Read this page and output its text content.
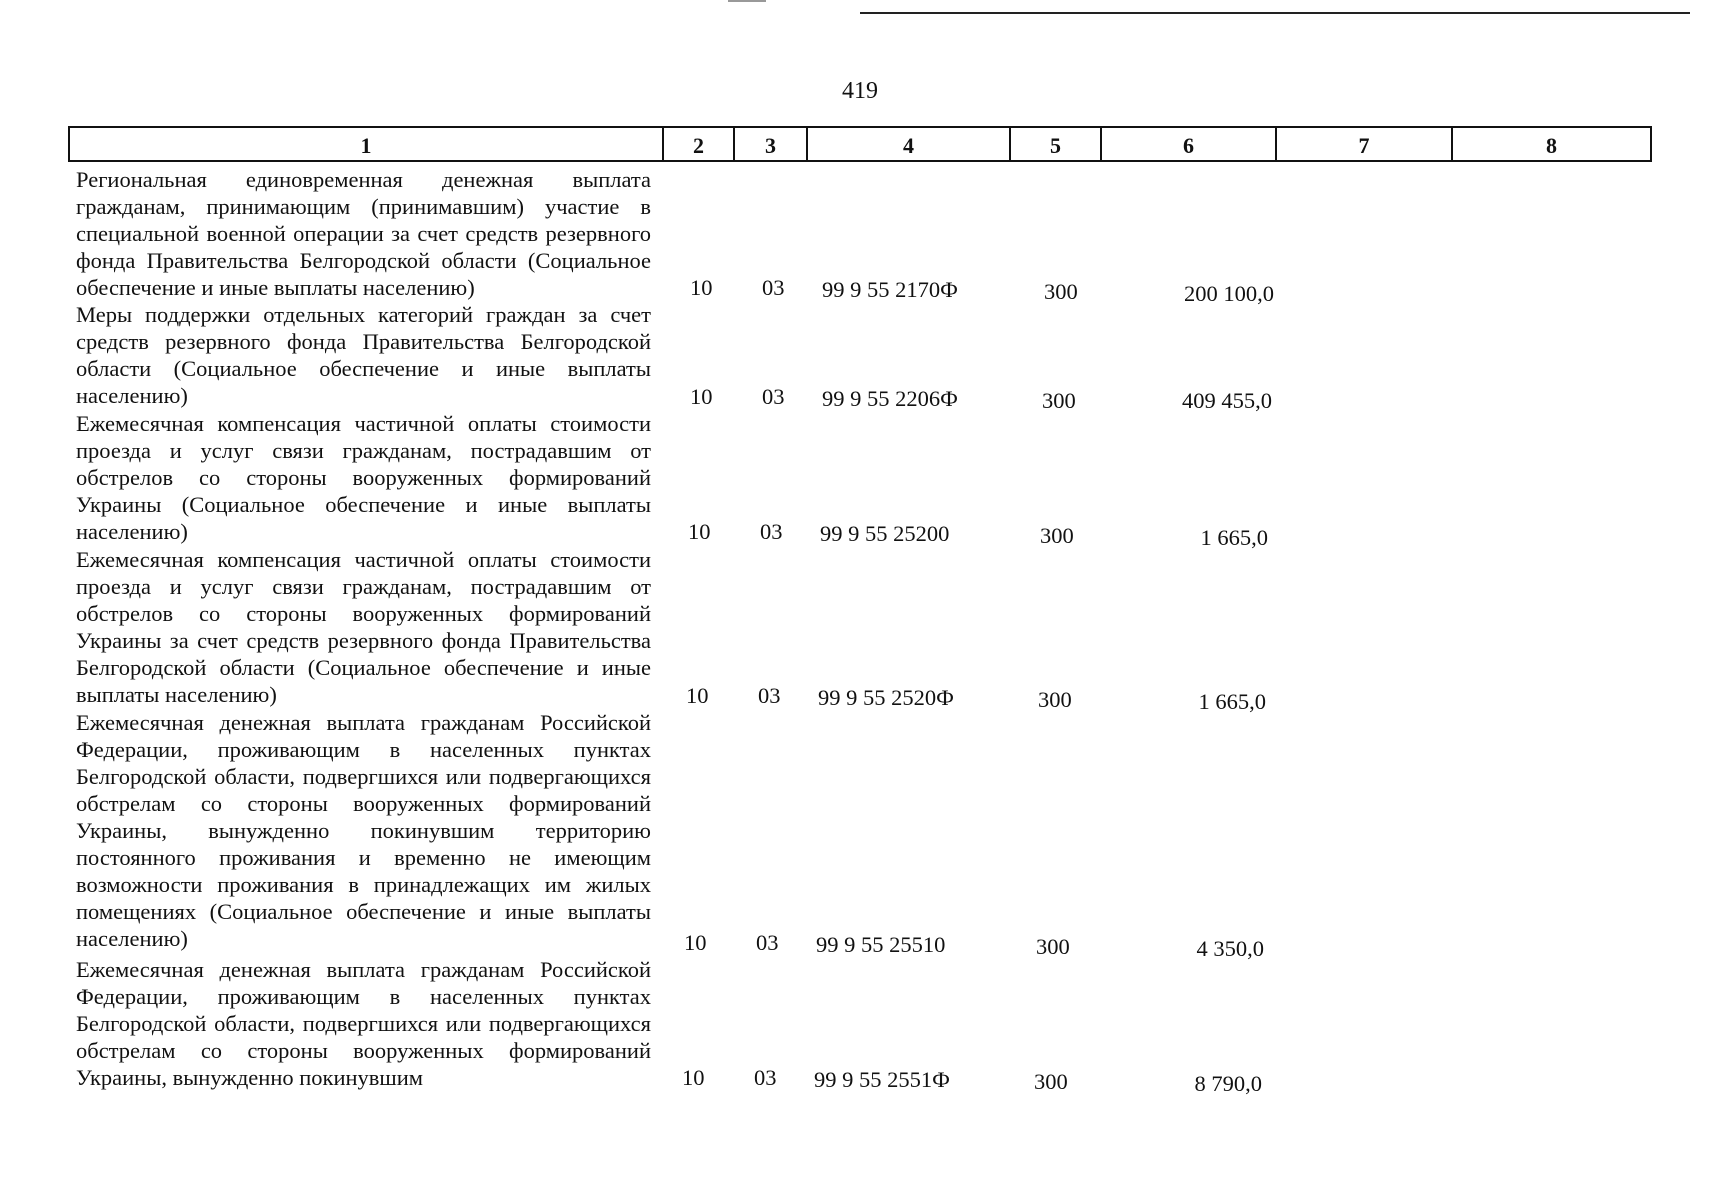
419
1	2	3	4	5	6	7	8
Региональная единовременная денежная выплата гражданам, принимающим (принимавшим) участие в специальной военной операции за счет средств резервного фонда Правительства Белгородской области (Социальное обеспечение и иные выплаты населению)	10	03	99 9 55 2170Ф	300	200 100,0
Меры поддержки отдельных категорий граждан за счет средств резервного фонда Правительства Белгородской области (Социальное обеспечение и иные выплаты населению)	10	03	99 9 55 2206Ф	300	409 455,0
Ежемесячная компенсация частичной оплаты стоимости проезда и услуг связи гражданам, пострадавшим от обстрелов со стороны вооруженных формирований Украины (Социальное обеспечение и иные выплаты населению)	10	03	99 9 55 25200	300	1 665,0
Ежемесячная компенсация частичной оплаты стоимости проезда и услуг связи гражданам, пострадавшим от обстрелов со стороны вооруженных формирований Украины за счет средств резервного фонда Правительства Белгородской области (Социальное обеспечение и иные выплаты населению)	10	03	99 9 55 2520Ф	300	1 665,0
Ежемесячная денежная выплата гражданам Российской Федерации, проживающим в населенных пунктах Белгородской области, подвергшихся или подвергающихся обстрелам со стороны вооруженных формирований Украины, вынужденно покинувшим территорию постоянного проживания и временно не имеющим возможности проживания в принадлежащих им жилых помещениях (Социальное обеспечение и иные выплаты населению)	10	03	99 9 55 25510	300	4 350,0
Ежемесячная денежная выплата гражданам Российской Федерации, проживающим в населенных пунктах Белгородской области, подвергшихся или подвергающихся обстрелам со стороны вооруженных формирований Украины, вынужденно покинувшим	10	03	99 9 55 2551Ф	300	8 790,0
